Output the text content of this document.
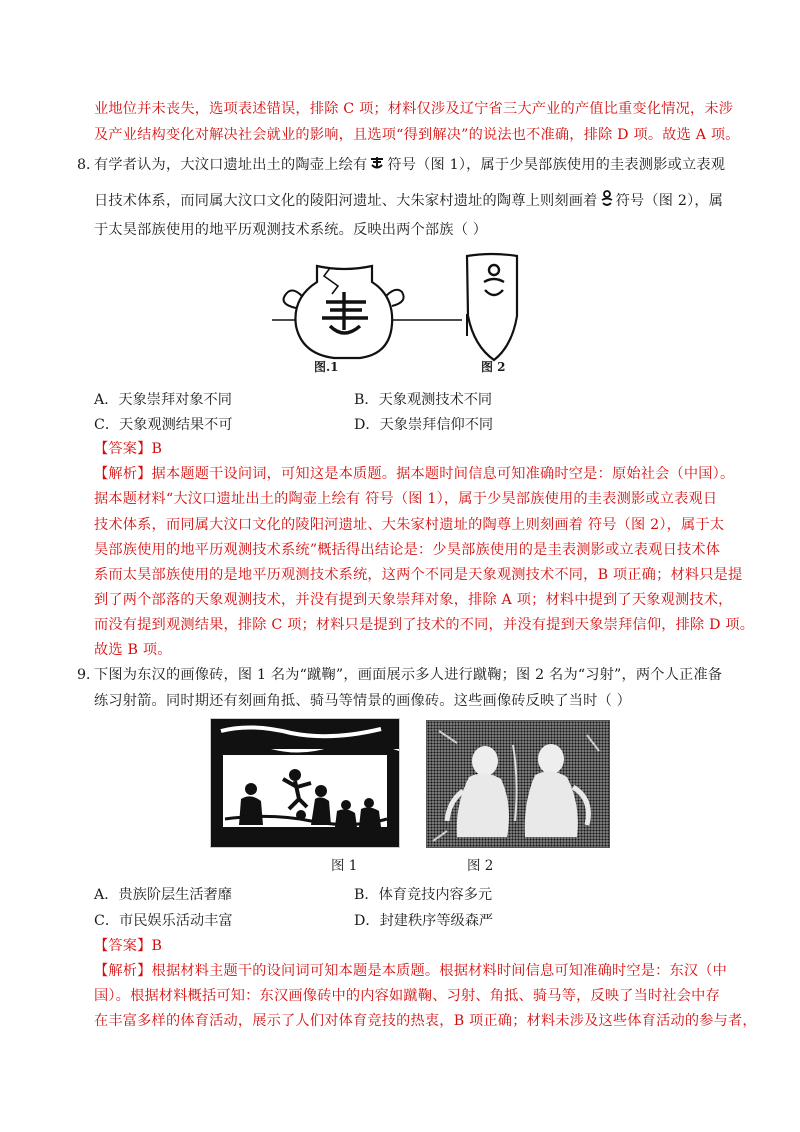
业地位并未丧失，选项表述错误，排除 C 项；材料仅涉及辽宁省三大产业的产值比重变化情况，未涉
及产业结构变化对解决社会就业的影响，且选项“得到解决”的说法也不准确，排除 D 项。故选 A 项。
8．
有学者认为，大汶口遗址出土的陶壶上绘有 符号（图 1），属于少昊部族使用的圭表测影或立表观
日技术体系，而同属大汶口文化的陵阳河遗址、大朱家村遗址的陶尊上则刻画着 符号（图 2），属
于太昊部族使用的地平历观测技术系统。反映出两个部族（ ）
图.1	图 2
A．天象崇拜对象不同	B．天象观测技术不同
C．天象观测结果不可	D．天象崇拜信仰不同
【答案】B
【解析】据本题题干设问词，可知这是本质题。据本题时间信息可知准确时空是：原始社会（中国）。
据本题材料“大汶口遗址出土的陶壶上绘有 符号（图 1），属于少昊部族使用的圭表测影或立表观日
技术体系，而同属大汶口文化的陵阳河遗址、大朱家村遗址的陶尊上则刻画着 符号（图 2），属于太
昊部族使用的地平历观测技术系统”概括得出结论是：少昊部族使用的是圭表测影或立表观日技术体
系而太昊部族使用的是地平历观测技术系统，这两个不同是天象观测技术不同，B 项正确；材料只是提
到了两个部落的天象观测技术，并没有提到天象崇拜对象，排除 A 项；材料中提到了天象观测技术，
而没有提到观测结果，排除 C 项；材料只是提到了技术的不同，并没有提到天象崇拜信仰，排除 D 项。
故选 B 项。
9．
下图为东汉的画像砖，图 1 名为“蹴鞠”，画面展示多人进行蹴鞠；图 2 名为“习射”，两个人正准备
练习射箭。同时期还有刻画角抵、骑马等情景的画像砖。这些画像砖反映了当时（ ）
图 1	图 2
A．贵族阶层生活奢靡	B．体育竞技内容多元
C．市民娱乐活动丰富	D．封建秩序等级森严
【答案】B
【解析】根据材料主题干的设问词可知本题是本质题。根据材料时间信息可知准确时空是：东汉（中
国）。根据材料概括可知：东汉画像砖中的内容如蹴鞠、习射、角抵、骑马等，反映了当时社会中存
在丰富多样的体育活动，展示了人们对体育竞技的热衷，B 项正确；材料未涉及这些体育活动的参与者，
